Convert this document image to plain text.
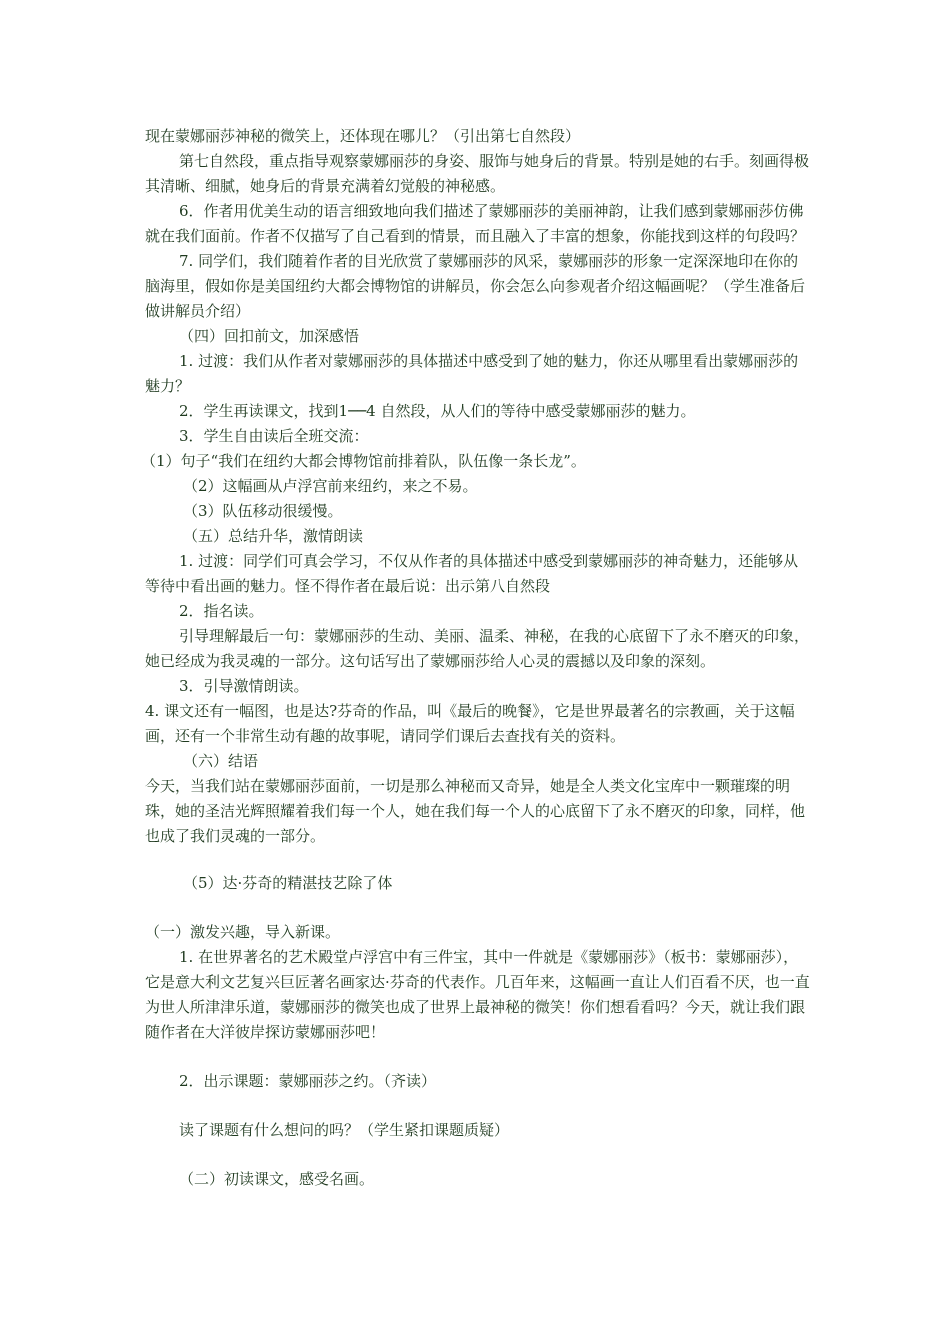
现在蒙娜丽莎神秘的微笑上，还体现在哪儿？（引出第七自然段）

第七自然段，重点指导观察蒙娜丽莎的身姿、服饰与她身后的背景。特别是她的右手。刻画得极其清晰、细腻，她身后的背景充满着幻觉般的神秘感。

6．作者用优美生动的语言细致地向我们描述了蒙娜丽莎的美丽神韵，让我们感到蒙娜丽莎仿佛就在我们面前。作者不仅描写了自己看到的情景，而且融入了丰富的想象，你能找到这样的句段吗？

7. 同学们，我们随着作者的目光欣赏了蒙娜丽莎的风采，蒙娜丽莎的形象一定深深地印在你的脑海里，假如你是美国纽约大都会博物馆的讲解员，你会怎么向参观者介绍这幅画呢？（学生准备后做讲解员介绍）

（四）回扣前文，加深感悟

1. 过渡：我们从作者对蒙娜丽莎的具体描述中感受到了她的魅力，你还从哪里看出蒙娜丽莎的魅力？

2．学生再读课文，找到1──4 自然段，从人们的等待中感受蒙娜丽莎的魅力。

3．学生自由读后全班交流：

（1）句子“我们在纽约大都会博物馆前排着队，队伍像一条长龙”。

（2）这幅画从卢浮宫前来纽约，来之不易。

（3）队伍移动很缓慢。

（五）总结升华，激情朗读

1. 过渡：同学们可真会学习，不仅从作者的具体描述中感受到蒙娜丽莎的神奇魅力，还能够从等待中看出画的魅力。怪不得作者在最后说：出示第八自然段

2．指名读。

引导理解最后一句：蒙娜丽莎的生动、美丽、温柔、神秘，在我的心底留下了永不磨灭的印象，她已经成为我灵魂的一部分。这句话写出了蒙娜丽莎给人心灵的震撼以及印象的深刻。

3．引导激情朗读。

4. 课文还有一幅图，也是达?芬奇的作品，叫《最后的晚餐》，它是世界最著名的宗教画，关于这幅画，还有一个非常生动有趣的故事呢，请同学们课后去查找有关的资料。

（六）结语

今天，当我们站在蒙娜丽莎面前，一切是那么神秘而又奇异，她是全人类文化宝库中一颗璀璨的明珠，她的圣洁光辉照耀着我们每一个人，她在我们每一个人的心底留下了永不磨灭的印象，同样，他也成了我们灵魂的一部分。

（5）达·芬奇的精湛技艺除了体

（一）激发兴趣，导入新课。

1. 在世界著名的艺术殿堂卢浮宫中有三件宝，其中一件就是《蒙娜丽莎》（板书：蒙娜丽莎），它是意大利文艺复兴巨匠著名画家达·芬奇的代表作。几百年来，这幅画一直让人们百看不厌，也一直为世人所津津乐道，蒙娜丽莎的微笑也成了世界上最神秘的微笑！你们想看看吗？今天，就让我们跟随作者在大洋彼岸探访蒙娜丽莎吧！

2．出示课题：蒙娜丽莎之约。（齐读）

读了课题有什么想问的吗？（学生紧扣课题质疑）

（二）初读课文，感受名画。
